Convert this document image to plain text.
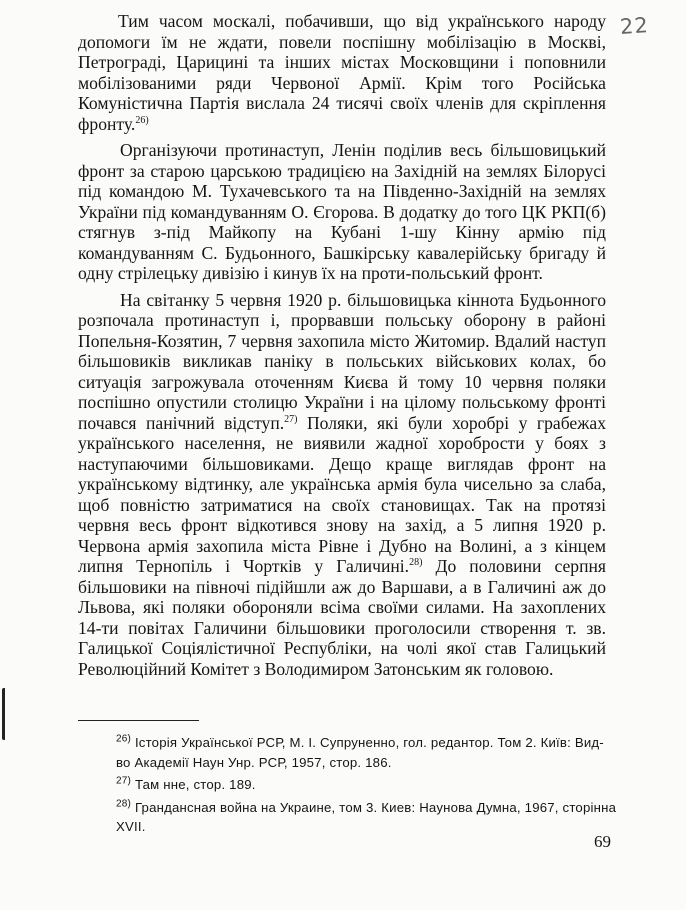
22

Тим часом москалі, побачивши, що від українського народу допомоги їм не ждати, повели поспішну мобілізацію в Москві, Петрограді, Царицині та інших містах Московщини і поповнили мобілізованими ряди Червоної Армії. Крім того Російська Комуністична Партія вислала 24 тисячі своїх членів для скріплення фронту.$^{26)}$

Організуючи протинаступ, Ленін поділив весь більшовицький фронт за старою царською традицією на Західній на землях Білорусі під командою М. Тухачевського та на Південно-Західній на землях України під командуванням О. Єгорова. В додатку до того ЦК РКП(б) стягнув з-під Майкопу на Кубані 1-шу Кінну армію під командуванням С. Будьонного, Башкірську кавалерійську бригаду й одну стрілецьку дивізію і кинув їх на проти-польський фронт.

На світанку 5 червня 1920 р. більшовицька кіннота Будьонного розпочала протинаступ і, прорвавши польську оборону в районі Попельня-Козятин, 7 червня захопила місто Житомир. Вдалий наступ більшовиків викликав паніку в польських військових колах, бо ситуація загрожувала оточенням Києва й тому 10 червня поляки поспішно опустили столицю України і на цілому польському фронті почався панічний відступ.$^{27)}$ Поляки, які були хоробрі у грабежах українського населення, не виявили жадної хоробрости у боях з наступаючими більшовиками. Дещо краще виглядав фронт на українському відтинку, але українська армія була чисельно за слаба, щоб повністю затриматися на своїх становищах. Так на протязі червня весь фронт відкотився знову на захід, а 5 липня 1920 р. Червона армія захопила міста Рівне і Дубно на Волині, а з кінцем липня Тернопіль і Чортків у Галичині.$^{28)}$ До половини серпня більшовики на півночі підійшли аж до Варшави, а в Галичині аж до Львова, які поляки обороняли всіма своїми силами. На захоплених 14-ти повітах Галичини більшовики проголосили створення т. зв. Галицької Соціялістичної Республіки, на чолі якої став Галицький Революційний Комітет з Володимиром Затонським як головою.

$^{26)}$ Історія Української РСР, М. І. Супруненно, гол. редантор. Том 2. Київ: Вид-во Академії Наун Унр. РСР, 1957, стор. 186.

$^{27)}$ Там нне, стор. 189.

$^{28)}$ Грандансная война на Украине, том 3. Киев: Наунова Думна, 1967, сторінна XVII.

69
